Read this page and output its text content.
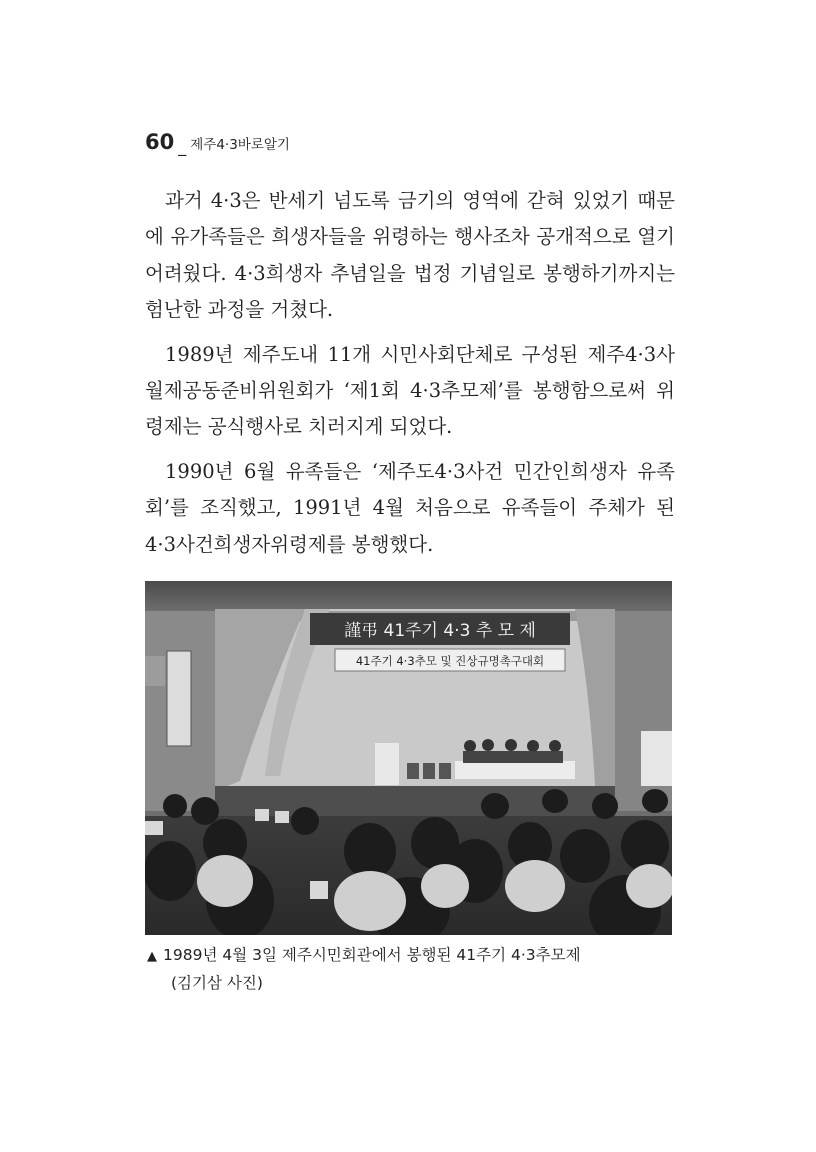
60 _ 제주4·3바로알기

과거 4·3은 반세기 넘도록 금기의 영역에 갇혀 있었기 때문에 유가족들은 희생자들을 위령하는 행사조차 공개적으로 열기 어려웠다. 4·3희생자 추념일을 법정 기념일로 봉행하기까지는 험난한 과정을 거쳤다.

1989년 제주도내 11개 시민사회단체로 구성된 제주4·3사월제공동준비위원회가 ‘제1회 4·3추모제’를 봉행함으로써 위령제는 공식행사로 치러지게 되었다.

1990년 6월 유족들은 ‘제주도4·3사건 민간인희생자 유족회’를 조직했고, 1991년 4월 처음으로 유족들이 주체가 된 4·3사건희생자위령제를 봉행했다.

謹弔 41주기 4·3 추 모 제
41주기 4·3추모 및 진상규명촉구대회
▲ 1989년 4월 3일 제주시민회관에서 봉행된 41주기 4·3추모제
(김기삼 사진)
